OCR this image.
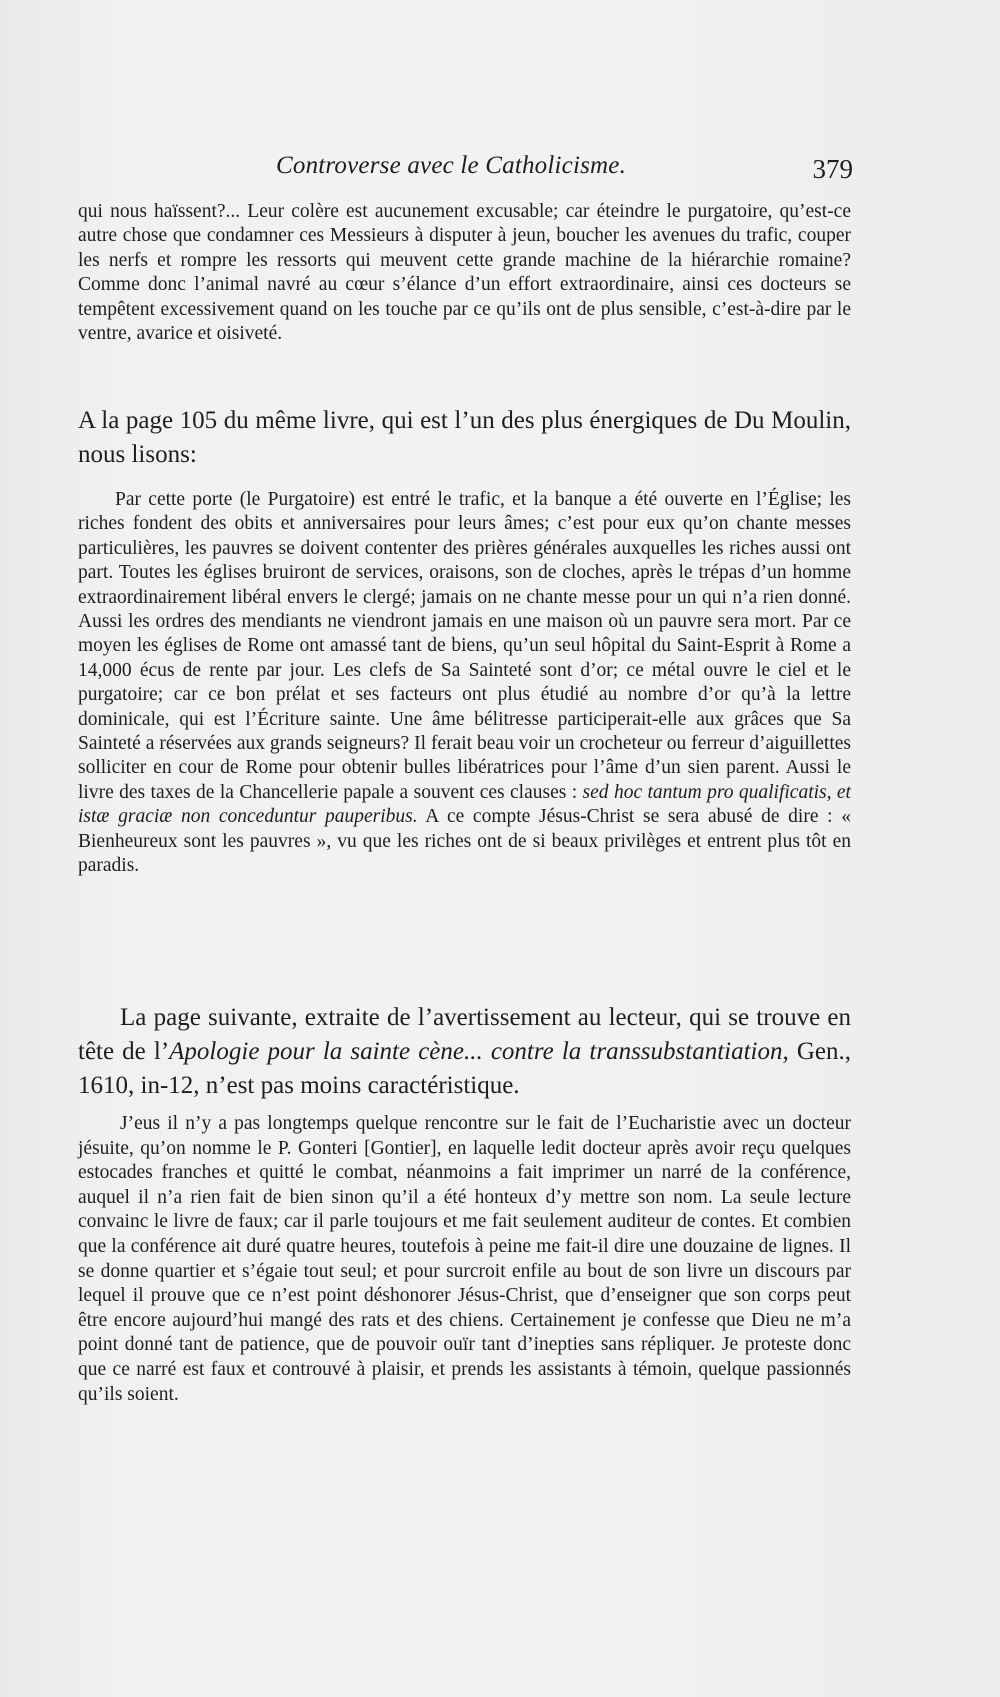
Controverse avec le Catholicisme.	379

qui nous haïssent?... Leur colère est aucunement excusable; car éteindre le purgatoire, qu’est-ce autre chose que condamner ces Messieurs à disputer à jeun, boucher les avenues du trafic, couper les nerfs et rompre les ressorts qui meuvent cette grande machine de la hiérarchie romaine? Comme donc l’animal navré au cœur s’élance d’un effort extraordinaire, ainsi ces docteurs se tempêtent excessivement quand on les touche par ce qu’ils ont de plus sensible, c’est-à-dire par le ventre, avarice et oisiveté.

A la page 105 du même livre, qui est l’un des plus énergiques de Du Moulin, nous lisons:

Par cette porte (le Purgatoire) est entré le trafic, et la banque a été ouverte en l’Église; les riches fondent des obits et anniversaires pour leurs âmes; c’est pour eux qu’on chante messes particulières, les pauvres se doivent contenter des prières générales auxquelles les riches aussi ont part. Toutes les églises bruiront de services, oraisons, son de cloches, après le trépas d’un homme extraordinairement libéral envers le clergé; jamais on ne chante messe pour un qui n’a rien donné. Aussi les ordres des mendiants ne viendront jamais en une maison où un pauvre sera mort. Par ce moyen les églises de Rome ont amassé tant de biens, qu’un seul hôpital du Saint-Esprit à Rome a 14,000 écus de rente par jour. Les clefs de Sa Sainteté sont d’or; ce métal ouvre le ciel et le purgatoire; car ce bon prélat et ses facteurs ont plus étudié au nombre d’or qu’à la lettre dominicale, qui est l’Écriture sainte. Une âme bélitresse participerait-elle aux grâces que Sa Sainteté a réservées aux grands seigneurs? Il ferait beau voir un crocheteur ou ferreur d’aiguillettes solliciter en cour de Rome pour obtenir bulles libératrices pour l’âme d’un sien parent. Aussi le livre des taxes de la Chancellerie papale a souvent ces clauses : sed hoc tantum pro qualificatis, et istæ graciæ non conceduntur pauperibus. A ce compte Jésus-Christ se sera abusé de dire : « Bienheureux sont les pauvres », vu que les riches ont de si beaux privilèges et entrent plus tôt en paradis.

La page suivante, extraite de l’avertissement au lecteur, qui se trouve en tête de l’Apologie pour la sainte cène... contre la transsubstantiation, Gen., 1610, in-12, n’est pas moins caractéristique.

J’eus il n’y a pas longtemps quelque rencontre sur le fait de l’Eucharistie avec un docteur jésuite, qu’on nomme le P. Gonteri [Gontier], en laquelle ledit docteur après avoir reçu quelques estocades franches et quitté le combat, néanmoins a fait imprimer un narré de la conférence, auquel il n’a rien fait de bien sinon qu’il a été honteux d’y mettre son nom. La seule lecture convainc le livre de faux; car il parle toujours et me fait seulement auditeur de contes. Et combien que la conférence ait duré quatre heures, toutefois à peine me fait-il dire une douzaine de lignes. Il se donne quartier et s’égaie tout seul; et pour surcroit enfile au bout de son livre un discours par lequel il prouve que ce n’est point déshonorer Jésus-Christ, que d’enseigner que son corps peut être encore aujourd’hui mangé des rats et des chiens. Certainement je confesse que Dieu ne m’a point donné tant de patience, que de pouvoir ouïr tant d’inepties sans répliquer. Je proteste donc que ce narré est faux et controuvé à plaisir, et prends les assistants à témoin, quelque passionnés qu’ils soient.
